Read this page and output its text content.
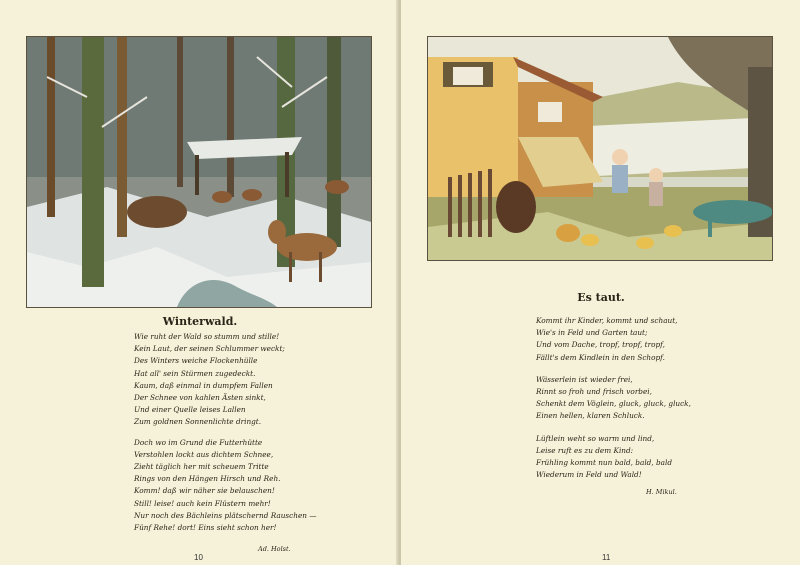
Winterwald.
Wie ruht der Wald so stumm und stille!
Kein Laut, der seinen Schlummer weckt;
Des Winters weiche Flockenhülle
Hat all' sein Stürmen zugedeckt.
Kaum, daß einmal in dumpfem Fallen
Der Schnee von kahlen Ästen sinkt,
Und einer Quelle leises Lallen
Zum goldnen Sonnenlichte dringt.
Doch wo im Grund die Futterhütte
Verstohlen lockt aus dichtem Schnee,
Zieht täglich her mit scheuem Tritte
Rings von den Hängen Hirsch und Reh.
Komm! daß wir näher sie belauschen!
Still! leise! auch kein Flüstern mehr!
Nur noch des Bächleins plätschernd Rauschen —
Fünf Rehe! dort! Eins sieht schon her!
Ad. Holst.
10
Es taut.
Kommt ihr Kinder, kommt und schaut,
Wie's in Feld und Garten taut;
Und vom Dache, tropf, tropf, tropf,
Fällt's dem Kindlein in den Schopf.
Wässerlein ist wieder frei,
Rinnt so froh und frisch vorbei,
Schenkt dem Vöglein, gluck, gluck, gluck,
Einen hellen, klaren Schluck.
Lüftlein weht so warm und lind,
Leise ruft es zu dem Kind:
Frühling kommt nun bald, bald, bald
Wiederum in Feld und Wald!
H. Mikul.
11
